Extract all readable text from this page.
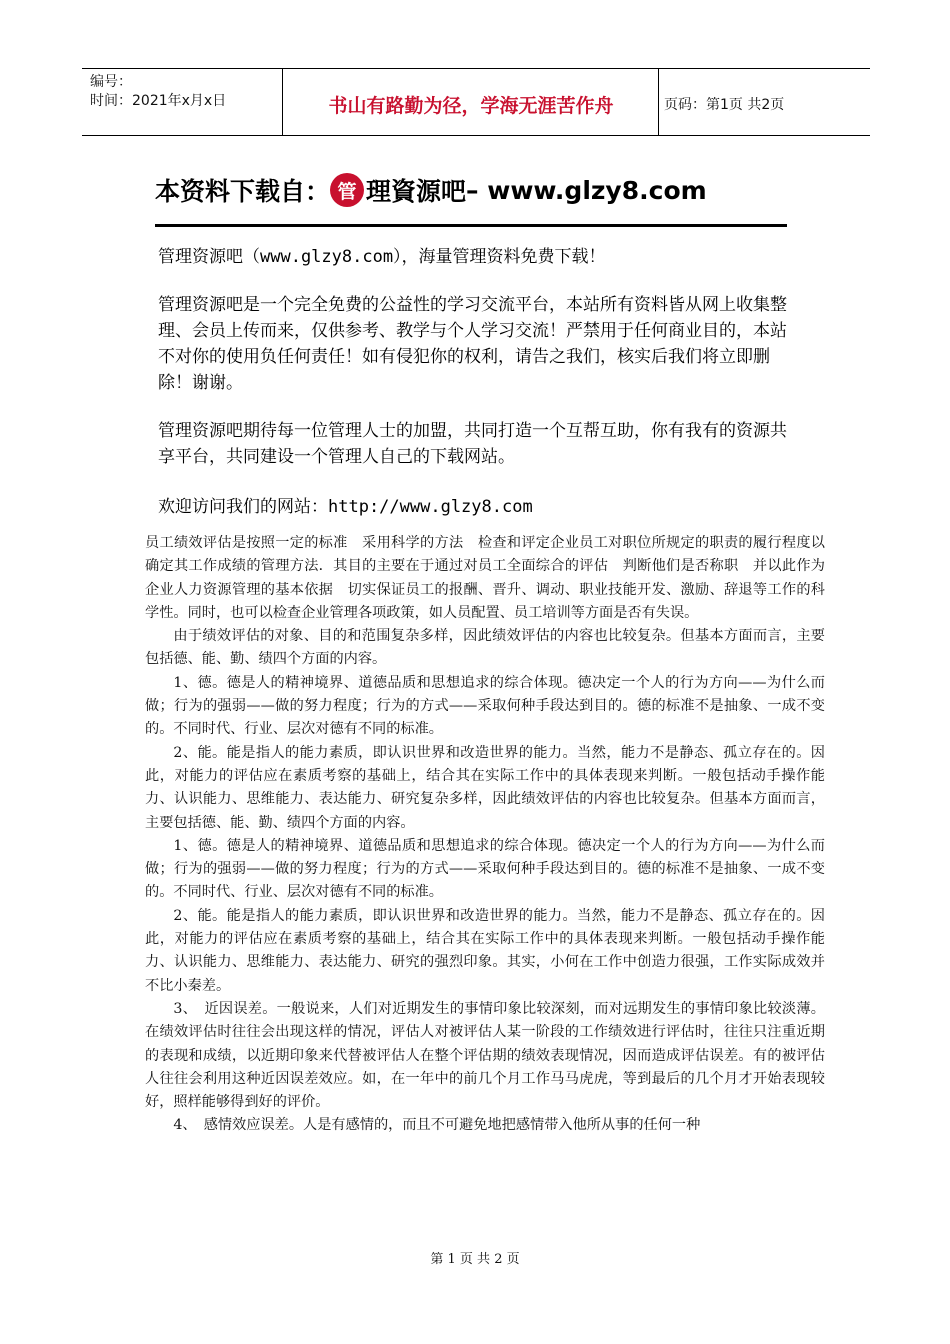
编号：
时间：2021年x月x日	书山有路勤为径，学海无涯苦作舟	页码：第1页 共2页
本资料下载自： 管 理資源吧 – www.glzy8.com

管理资源吧（www.glzy8.com），海量管理资料免费下载！

管理资源吧是一个完全免费的公益性的学习交流平台，本站所有资料皆从网上收集整理、会员上传而来，仅供参考、教学与个人学习交流！严禁用于任何商业目的，本站不对你的使用负任何责任！如有侵犯你的权利，请告之我们，核实后我们将立即删除！谢谢。

管理资源吧期待每一位管理人士的加盟，共同打造一个互帮互助，你有我有的资源共享平台，共同建设一个管理人自己的下载网站。

欢迎访问我们的网站：http://www.glzy8.com

员工绩效评估是按照一定的标准　采用科学的方法　检查和评定企业员工对职位所规定的职责的履行程度以确定其工作成绩的管理方法．其目的主要在于通过对员工全面综合的评估　判断他们是否称职　并以此作为企业人力资源管理的基本依据　切实保证员工的报酬、晋升、调动、职业技能开发、激励、辞退等工作的科学性。同时，也可以检查企业管理各项政策，如人员配置、员工培训等方面是否有失误。

由于绩效评估的对象、目的和范围复杂多样，因此绩效评估的内容也比较复杂。但基本方面而言，主要包括德、能、勤、绩四个方面的内容。

1、德。德是人的精神境界、道德品质和思想追求的综合体现。德决定一个人的行为方向——为什么而做；行为的强弱——做的努力程度；行为的方式——采取何种手段达到目的。德的标准不是抽象、一成不变的。不同时代、行业、层次对德有不同的标准。

2、能。能是指人的能力素质，即认识世界和改造世界的能力。当然，能力不是静态、孤立存在的。因此，对能力的评估应在素质考察的基础上，结合其在实际工作中的具体表现来判断。一般包括动手操作能力、认识能力、思维能力、表达能力、研究复杂多样，因此绩效评估的内容也比较复杂。但基本方面而言，主要包括德、能、勤、绩四个方面的内容。

1、德。德是人的精神境界、道德品质和思想追求的综合体现。德决定一个人的行为方向——为什么而做；行为的强弱——做的努力程度；行为的方式——采取何种手段达到目的。德的标准不是抽象、一成不变的。不同时代、行业、层次对德有不同的标准。

2、能。能是指人的能力素质，即认识世界和改造世界的能力。当然，能力不是静态、孤立存在的。因此，对能力的评估应在素质考察的基础上，结合其在实际工作中的具体表现来判断。一般包括动手操作能力、认识能力、思维能力、表达能力、研究的强烈印象。其实，小何在工作中创造力很强，工作实际成效并不比小秦差。

3、　近因误差。一般说来，人们对近期发生的事情印象比较深刻，而对远期发生的事情印象比较淡薄。在绩效评估时往往会出现这样的情况，评估人对被评估人某一阶段的工作绩效进行评估时，往往只注重近期的表现和成绩，以近期印象来代替被评估人在整个评估期的绩效表现情况，因而造成评估误差。有的被评估人往往会利用这种近因误差效应。如，在一年中的前几个月工作马马虎虎，等到最后的几个月才开始表现较好，照样能够得到好的评价。

4、　感情效应误差。人是有感情的，而且不可避免地把感情带入他所从事的任何一种

第 1 页 共 2 页
